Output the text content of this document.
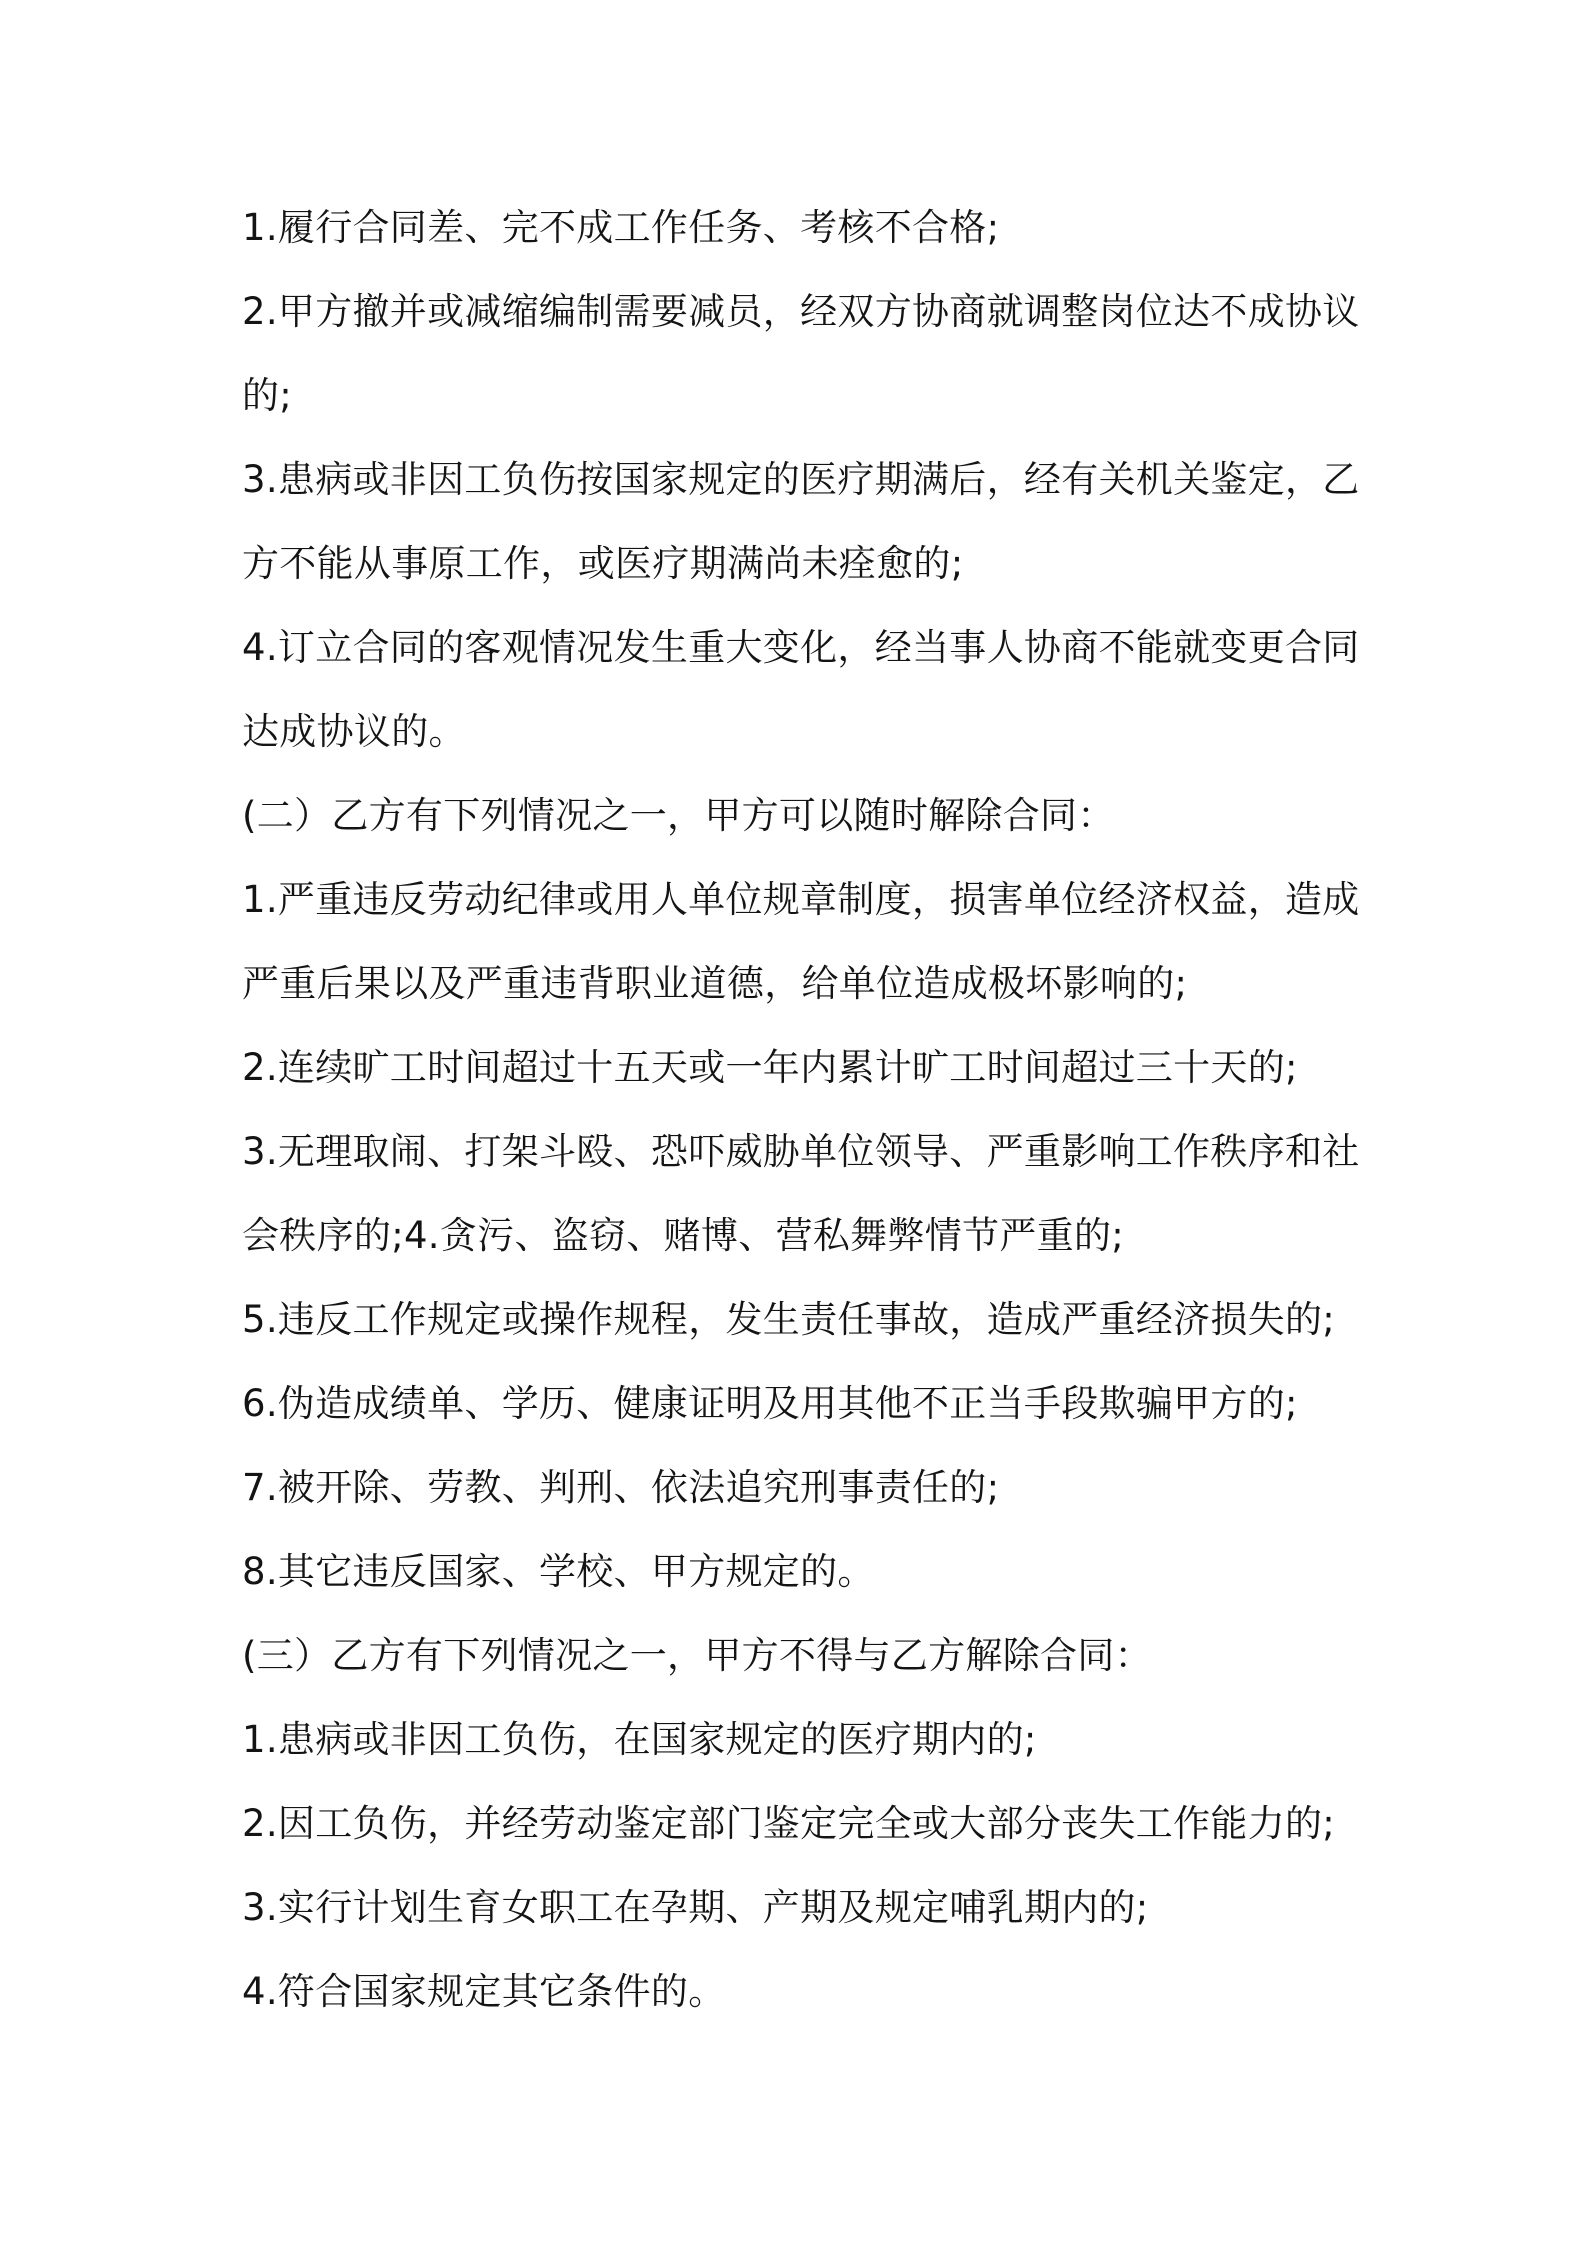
1.履行合同差、完不成工作任务、考核不合格;
2.甲方撤并或减缩编制需要减员，经双方协商就调整岗位达不成协议
的;
3.患病或非因工负伤按国家规定的医疗期满后，经有关机关鉴定，乙
方不能从事原工作，或医疗期满尚未痊愈的;
4.订立合同的客观情况发生重大变化，经当事人协商不能就变更合同
达成协议的。
(二）乙方有下列情况之一，甲方可以随时解除合同：
1.严重违反劳动纪律或用人单位规章制度，损害单位经济权益，造成
严重后果以及严重违背职业道德，给单位造成极坏影响的;
2.连续旷工时间超过十五天或一年内累计旷工时间超过三十天的;
3.无理取闹、打架斗殴、恐吓威胁单位领导、严重影响工作秩序和社
会秩序的;4.贪污、盗窃、赌博、营私舞弊情节严重的;
5.违反工作规定或操作规程，发生责任事故，造成严重经济损失的;
6.伪造成绩单、学历、健康证明及用其他不正当手段欺骗甲方的;
7.被开除、劳教、判刑、依法追究刑事责任的;
8.其它违反国家、学校、甲方规定的。
(三）乙方有下列情况之一，甲方不得与乙方解除合同：
1.患病或非因工负伤，在国家规定的医疗期内的;
2.因工负伤，并经劳动鉴定部门鉴定完全或大部分丧失工作能力的;
3.实行计划生育女职工在孕期、产期及规定哺乳期内的;
4.符合国家规定其它条件的。
